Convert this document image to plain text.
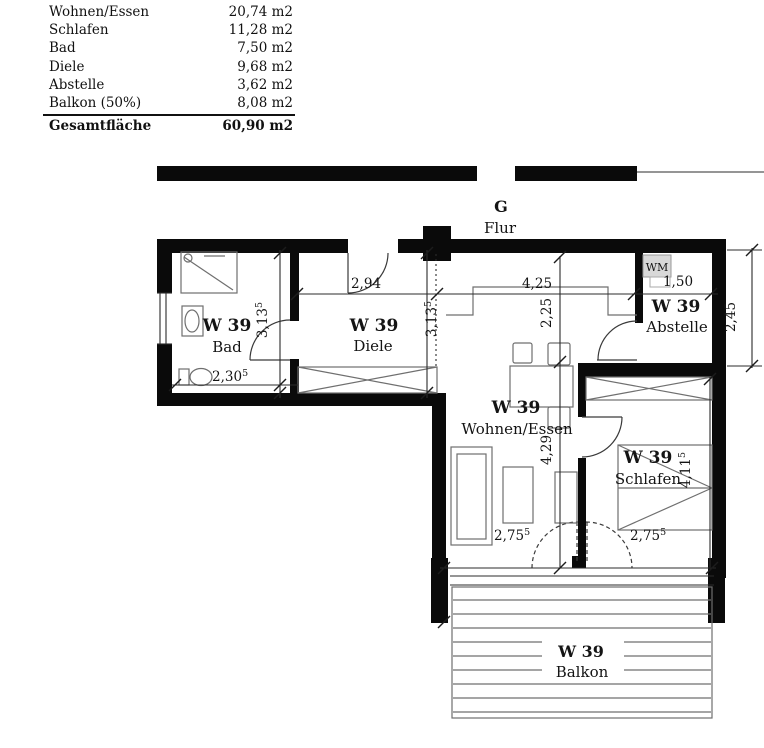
Wohnen/Essen	20,74 m2
Schlafen	11,28 m2
Bad	7,50 m2
Diele	9,68 m2
Abstelle	3,62 m2
Balkon (50%)	8,08 m2
Gesamtfläche	60,90 m2
WM
2,94	4,25	1,50
2,30$^5$
3,13$^5$
3,13$^5$	2,25	2,45
4,29
4,11$^5$
2,75$^5$	2,75$^5$
G
Flur
W 39
Bad
W 39
Diele
W 39
Wohnen/Essen
W 39
Abstelle
W 39
Schlafen
W 39
Balkon
